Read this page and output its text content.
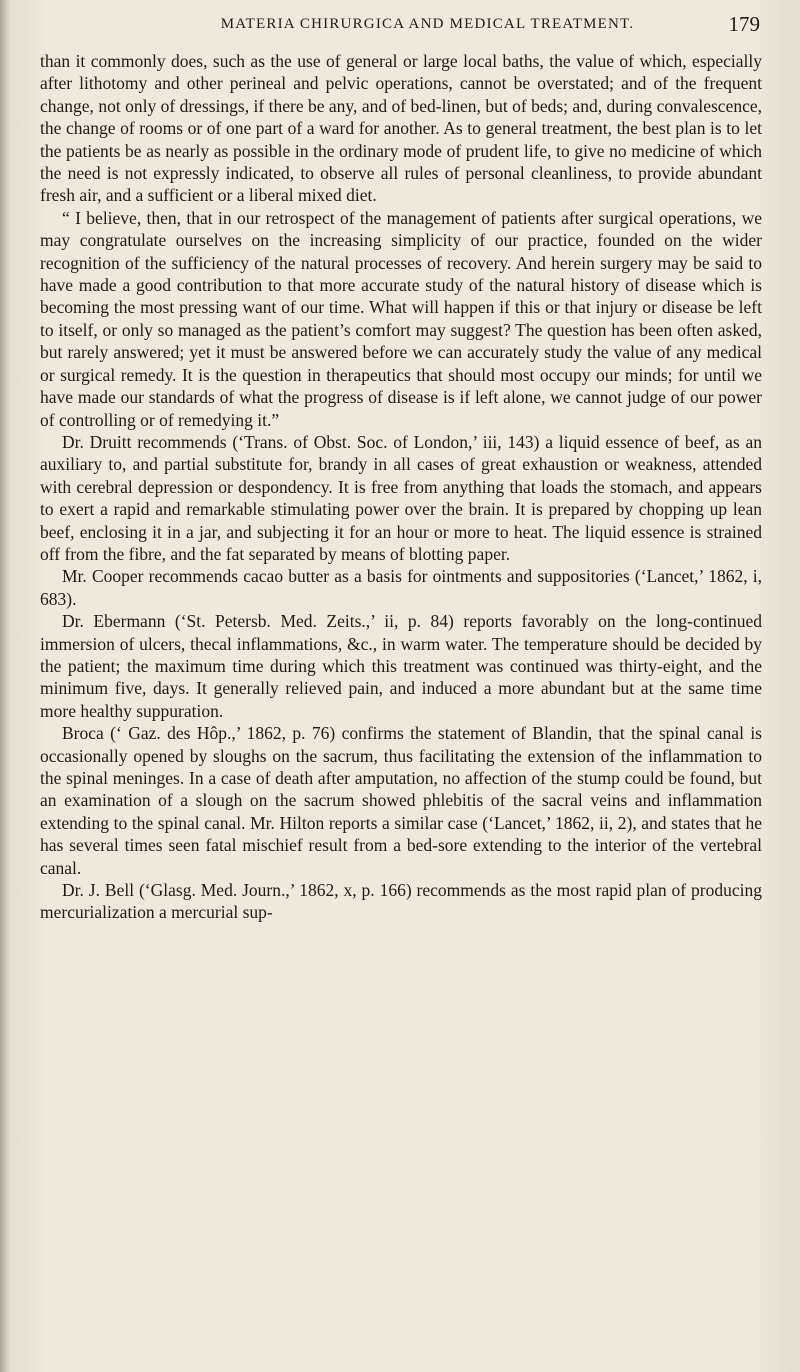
MATERIA CHIRURGICA AND MEDICAL TREATMENT.	179

than it commonly does, such as the use of general or large local baths, the value of which, especially after lithotomy and other perineal and pelvic operations, cannot be overstated; and of the frequent change, not only of dressings, if there be any, and of bed-linen, but of beds; and, during convalescence, the change of rooms or of one part of a ward for another. As to general treatment, the best plan is to let the patients be as nearly as possible in the ordinary mode of prudent life, to give no medicine of which the need is not expressly indicated, to observe all rules of personal cleanliness, to provide abundant fresh air, and a sufficient or a liberal mixed diet.

“ I believe, then, that in our retrospect of the management of patients after surgical operations, we may congratulate ourselves on the increasing simplicity of our practice, founded on the wider recognition of the sufficiency of the natural processes of recovery. And herein surgery may be said to have made a good contribution to that more accurate study of the natural history of disease which is becoming the most pressing want of our time. What will happen if this or that injury or disease be left to itself, or only so managed as the patient’s comfort may suggest? The question has been often asked, but rarely answered; yet it must be answered before we can accurately study the value of any medical or surgical remedy. It is the question in therapeutics that should most occupy our minds; for until we have made our standards of what the progress of disease is if left alone, we cannot judge of our power of controlling or of remedying it.”

Dr. Druitt recommends (‘Trans. of Obst. Soc. of London,’ iii, 143) a liquid essence of beef, as an auxiliary to, and partial substitute for, brandy in all cases of great exhaustion or weakness, attended with cerebral depression or despondency. It is free from anything that loads the stomach, and appears to exert a rapid and remarkable stimulating power over the brain. It is prepared by chopping up lean beef, enclosing it in a jar, and subjecting it for an hour or more to heat. The liquid essence is strained off from the fibre, and the fat separated by means of blotting paper.

Mr. Cooper recommends cacao butter as a basis for ointments and suppositories (‘Lancet,’ 1862, i, 683).

Dr. Ebermann (‘St. Petersb. Med. Zeits.,’ ii, p. 84) reports favorably on the long-continued immersion of ulcers, thecal inflammations, &c., in warm water. The temperature should be decided by the patient; the maximum time during which this treatment was continued was thirty-eight, and the minimum five, days. It generally relieved pain, and induced a more abundant but at the same time more healthy suppuration.

Broca (‘ Gaz. des Hôp.,’ 1862, p. 76) confirms the statement of Blandin, that the spinal canal is occasionally opened by sloughs on the sacrum, thus facilitating the extension of the inflammation to the spinal meninges. In a case of death after amputation, no affection of the stump could be found, but an examination of a slough on the sacrum showed phlebitis of the sacral veins and inflammation extending to the spinal canal. Mr. Hilton reports a similar case (‘Lancet,’ 1862, ii, 2), and states that he has several times seen fatal mischief result from a bed-sore extending to the interior of the vertebral canal.

Dr. J. Bell (‘Glasg. Med. Journ.,’ 1862, x, p. 166) recommends as the most rapid plan of producing mercurialization a mercurial sup-
